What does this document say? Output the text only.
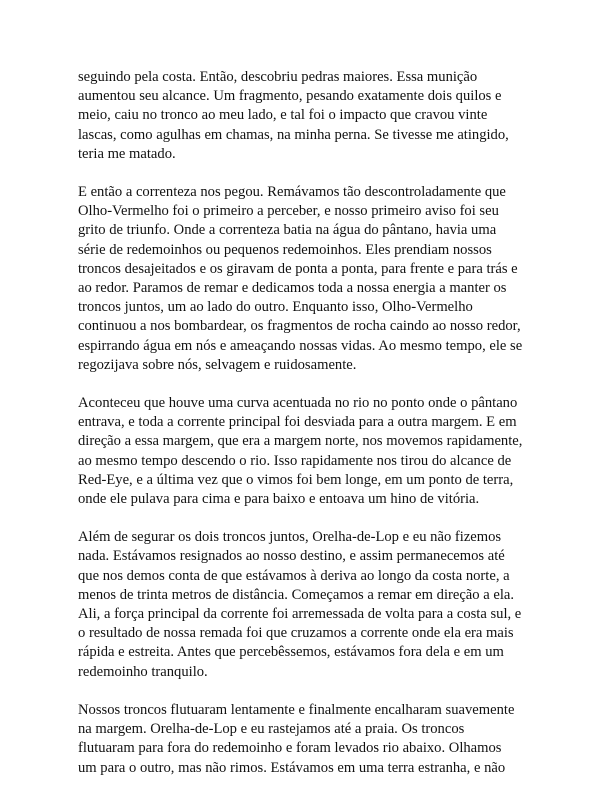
seguindo pela costa. Então, descobriu pedras maiores. Essa munição
aumentou seu alcance. Um fragmento, pesando exatamente dois quilos e
meio, caiu no tronco ao meu lado, e tal foi o impacto que cravou vinte
lascas, como agulhas em chamas, na minha perna. Se tivesse me atingido,
teria me matado.

E então a correnteza nos pegou. Remávamos tão descontroladamente que
Olho-Vermelho foi o primeiro a perceber, e nosso primeiro aviso foi seu
grito de triunfo. Onde a correnteza batia na água do pântano, havia uma
série de redemoinhos ou pequenos redemoinhos. Eles prendiam nossos
troncos desajeitados e os giravam de ponta a ponta, para frente e para trás e
ao redor. Paramos de remar e dedicamos toda a nossa energia a manter os
troncos juntos, um ao lado do outro. Enquanto isso, Olho-Vermelho
continuou a nos bombardear, os fragmentos de rocha caindo ao nosso redor,
espirrando água em nós e ameaçando nossas vidas. Ao mesmo tempo, ele se
regozijava sobre nós, selvagem e ruidosamente.

Aconteceu que houve uma curva acentuada no rio no ponto onde o pântano
entrava, e toda a corrente principal foi desviada para a outra margem. E em
direção a essa margem, que era a margem norte, nos movemos rapidamente,
ao mesmo tempo descendo o rio. Isso rapidamente nos tirou do alcance de
Red-Eye, e a última vez que o vimos foi bem longe, em um ponto de terra,
onde ele pulava para cima e para baixo e entoava um hino de vitória.

Além de segurar os dois troncos juntos, Orelha-de-Lop e eu não fizemos
nada. Estávamos resignados ao nosso destino, e assim permanecemos até
que nos demos conta de que estávamos à deriva ao longo da costa norte, a
menos de trinta metros de distância. Começamos a remar em direção a ela.
Ali, a força principal da corrente foi arremessada de volta para a costa sul, e
o resultado de nossa remada foi que cruzamos a corrente onde ela era mais
rápida e estreita. Antes que percebêssemos, estávamos fora dela e em um
redemoinho tranquilo.

Nossos troncos flutuaram lentamente e finalmente encalharam suavemente
na margem. Orelha-de-Lop e eu rastejamos até a praia. Os troncos
flutuaram para fora do redemoinho e foram levados rio abaixo. Olhamos
um para o outro, mas não rimos. Estávamos em uma terra estranha, e não
